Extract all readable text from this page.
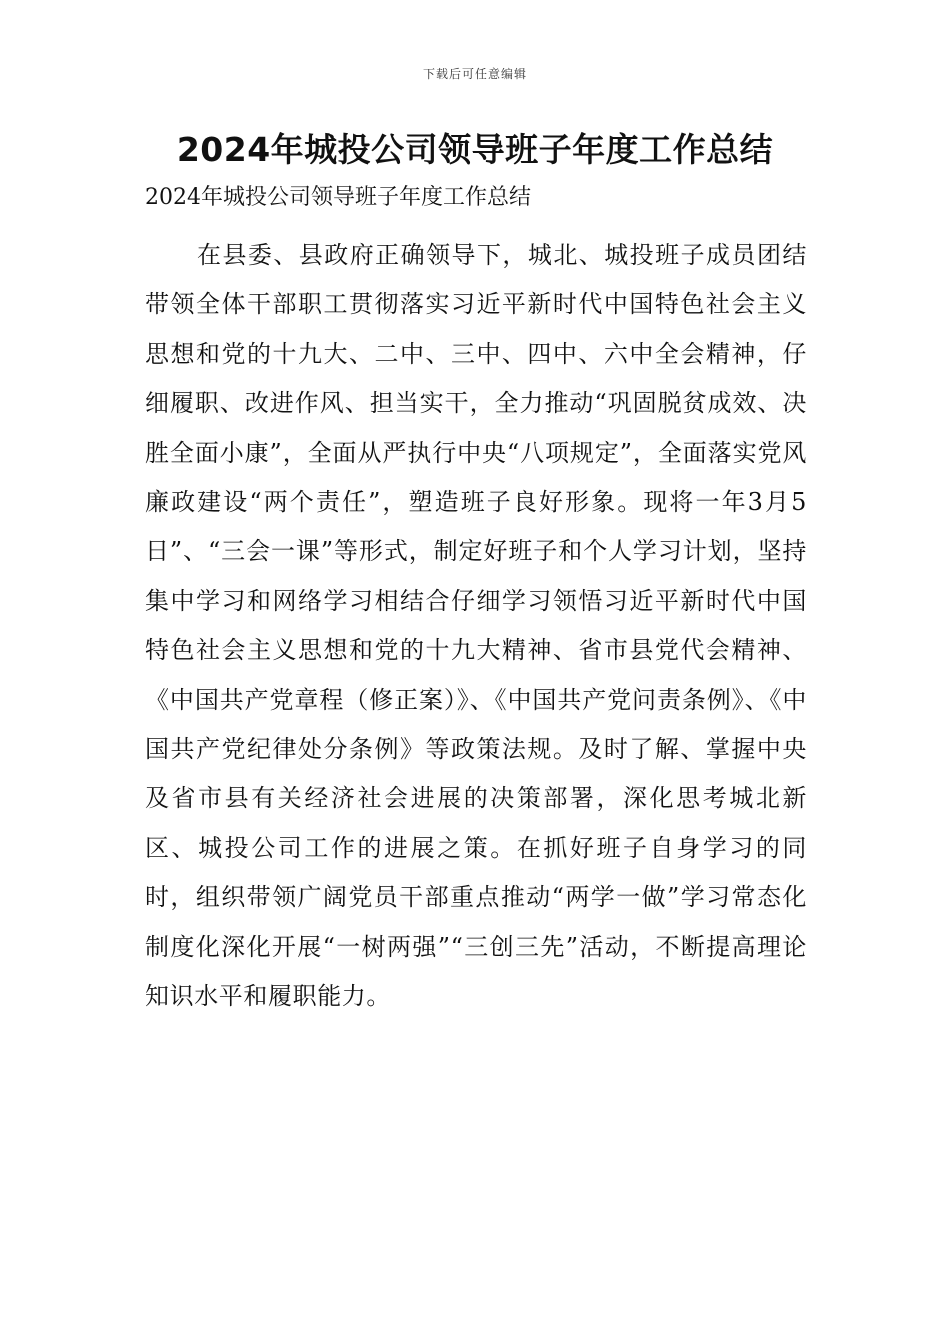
下载后可任意编辑
2024年城投公司领导班子年度工作总结

2024年城投公司领导班子年度工作总结

在县委、县政府正确领导下，城北、城投班子成员团结带领全体干部职工贯彻落实习近平新时代中国特色社会主义思想和党的十九大、二中、三中、四中、六中全会精神，仔细履职、改进作风、担当实干，全力推动“巩固脱贫成效、决胜全面小康”，全面从严执行中央“八项规定”，全面落实党风廉政建设“两个责任”，塑造班子良好形象。现将一年3月5日”、“三会一课”等形式，制定好班子和个人学习计划，坚持集中学习和网络学习相结合仔细学习领悟习近平新时代中国特色社会主义思想和党的十九大精神、省市县党代会精神、《中国共产党章程（修正案）》、《中国共产党问责条例》、《中国共产党纪律处分条例》等政策法规。及时了解、掌握中央及省市县有关经济社会进展的决策部署，深化思考城北新区、城投公司工作的进展之策。在抓好班子自身学习的同时，组织带领广阔党员干部重点推动“两学一做”学习常态化制度化深化开展“一树两强”“三创三先”活动，不断提高理论知识水平和履职能力。
